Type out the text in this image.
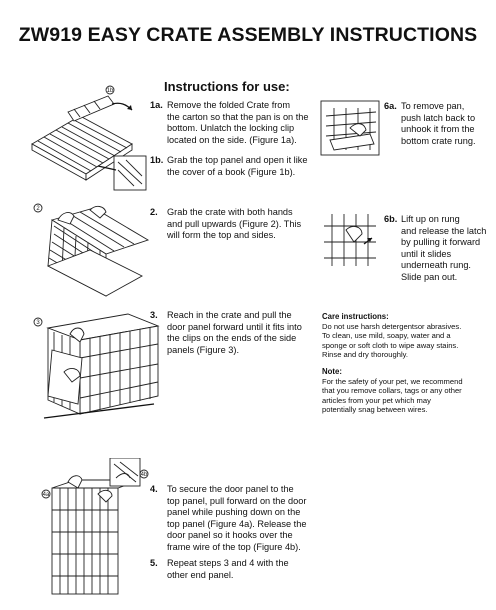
ZW919 EASY CRATE ASSEMBLY INSTRUCTIONS
Instructions for use:
1a. Remove the folded Crate from
the carton so that the pan is on the
bottom. Unlatch the locking clip
located on the side. (Figure 1a).
1b. Grab the top panel and open it like
the cover of a book (Figure 1b).
2. Grab the crate with both hands
and pull upwards (Figure 2). This
will form the top and sides.
3. Reach in the crate and pull the
door panel forward until it fits into
the clips on the ends of the side
panels (Figure 3).
4. To secure the door panel to the
top panel, pull forward on the door
panel while pushing down on the
top panel (Figure 4a). Release the
door panel so it hooks over the
frame wire of the top (Figure 4b).
5. Repeat steps 3 and 4 with the
other end panel.
6a. To remove pan,
push latch back to
unhook it from the
bottom crate rung.
6b. Lift up on rung
and release the latch
by pulling it forward
until it slides
underneath rung.
Slide pan out.
Care instructions:
Do not use harsh detergentsor abrasives.
To clean, use mild, soapy, water and a
sponge or soft cloth to wipe away stains.
Rinse and dry thoroughly.
Note:
For the safety of your pet, we recommend
that you remove collars, tags or any other
articles from your pet which may
potentially snag between wires.
1b
2
3
4b
4a
